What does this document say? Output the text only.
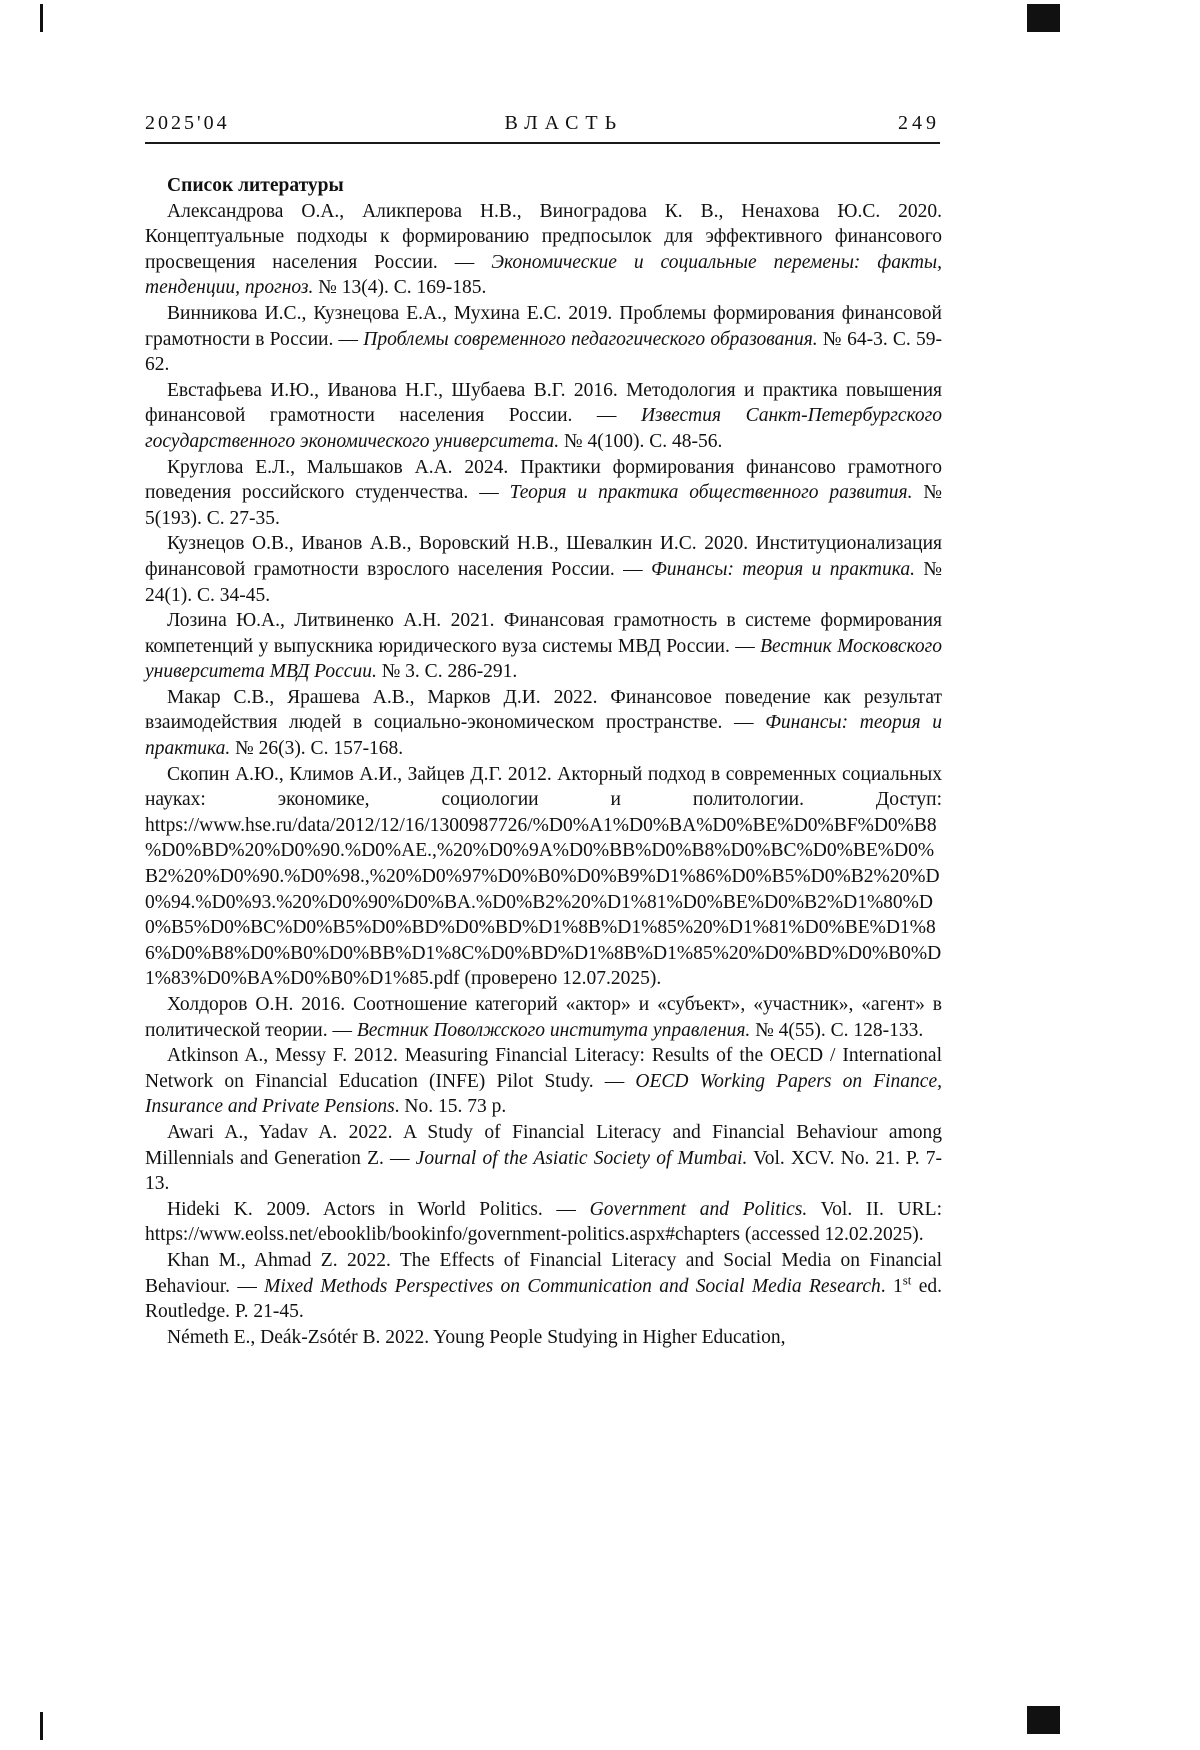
2025'04	ВЛАСТЬ	249

Список литературы

Александрова О.А., Аликперова Н.В., Виноградова К. В., Ненахова Ю.С. 2020. Концептуальные подходы к формированию предпосылок для эффективного финансового просвещения населения России. — Экономические и социальные перемены: факты, тенденции, прогноз. № 13(4). С. 169-185.

Винникова И.С., Кузнецова Е.А., Мухина Е.С. 2019. Проблемы формирования финансовой грамотности в России. — Проблемы современного педагогического образования. № 64-3. С. 59-62.

Евстафьева И.Ю., Иванова Н.Г., Шубаева В.Г. 2016. Методология и практика повышения финансовой грамотности населения России. — Известия Санкт-Петербургского государственного экономического университета. № 4(100). С. 48-56.

Круглова Е.Л., Мальшаков А.А. 2024. Практики формирования финансово грамотного поведения российского студенчества. — Теория и практика общественного развития. № 5(193). С. 27-35.

Кузнецов О.В., Иванов А.В., Воровский Н.В., Шевалкин И.С. 2020. Институционализация финансовой грамотности взрослого населения России. — Финансы: теория и практика. № 24(1). С. 34-45.

Лозина Ю.А., Литвиненко А.Н. 2021. Финансовая грамотность в системе формирования компетенций у выпускника юридического вуза системы МВД России. — Вестник Московского университета МВД России. № 3. С. 286-291.

Макар С.В., Ярашева А.В., Марков Д.И. 2022. Финансовое поведение как результат взаимодействия людей в социально-экономическом пространстве. — Финансы: теория и практика. № 26(3). С. 157-168.

Скопин А.Ю., Климов А.И., Зайцев Д.Г. 2012. Акторный подход в современных социальных науках: экономике, социологии и политологии. Доступ: https://www.hse.ru/data/2012/12/16/1300987726/%D0%A1%D0%BA%D0%BE%D0%BF%D0%B8%D0%BD%20%D0%90.%D0%AE.,%20%D0%9A%D0%BB%D0%B8%D0%BC%D0%BE%D0%B2%20%D0%90.%D0%98.,%20%D0%97%D0%B0%D0%B9%D1%86%D0%B5%D0%B2%20%D0%94.%D0%93.%20%D0%90%D0%BA.%D0%B2%20%D1%81%D0%BE%D0%B2%D1%80%D0%B5%D0%BC%D0%B5%D0%BD%D0%BD%D1%8B%D1%85%20%D1%81%D0%BE%D1%86%D0%B8%D0%B0%D0%BB%D1%8C%D0%BD%D1%8B%D1%85%20%D0%BD%D0%B0%D1%83%D0%BA%D0%B0%D1%85.pdf (проверено 12.07.2025).

Холдоров О.Н. 2016. Соотношение категорий «актор» и «субъект», «участник», «агент» в политической теории. — Вестник Поволжского института управления. № 4(55). С. 128-133.

Atkinson A., Messy F. 2012. Measuring Financial Literacy: Results of the OECD / International Network on Financial Education (INFE) Pilot Study. — OECD Working Papers on Finance, Insurance and Private Pensions. No. 15. 73 p.

Awari A., Yadav A. 2022. A Study of Financial Literacy and Financial Behaviour among Millennials and Generation Z. — Journal of the Asiatic Society of Mumbai. Vol. XCV. No. 21. P. 7-13.

Hideki K. 2009. Actors in World Politics. — Government and Politics. Vol. II. URL: https://www.eolss.net/ebooklib/bookinfo/government-politics.aspx#chapters (accessed 12.02.2025).

Khan M., Ahmad Z. 2022. The Effects of Financial Literacy and Social Media on Financial Behaviour. — Mixed Methods Perspectives on Communication and Social Media Research. 1st ed. Routledge. P. 21-45.

Németh E., Deák-Zsótér B. 2022. Young People Studying in Higher Education,
